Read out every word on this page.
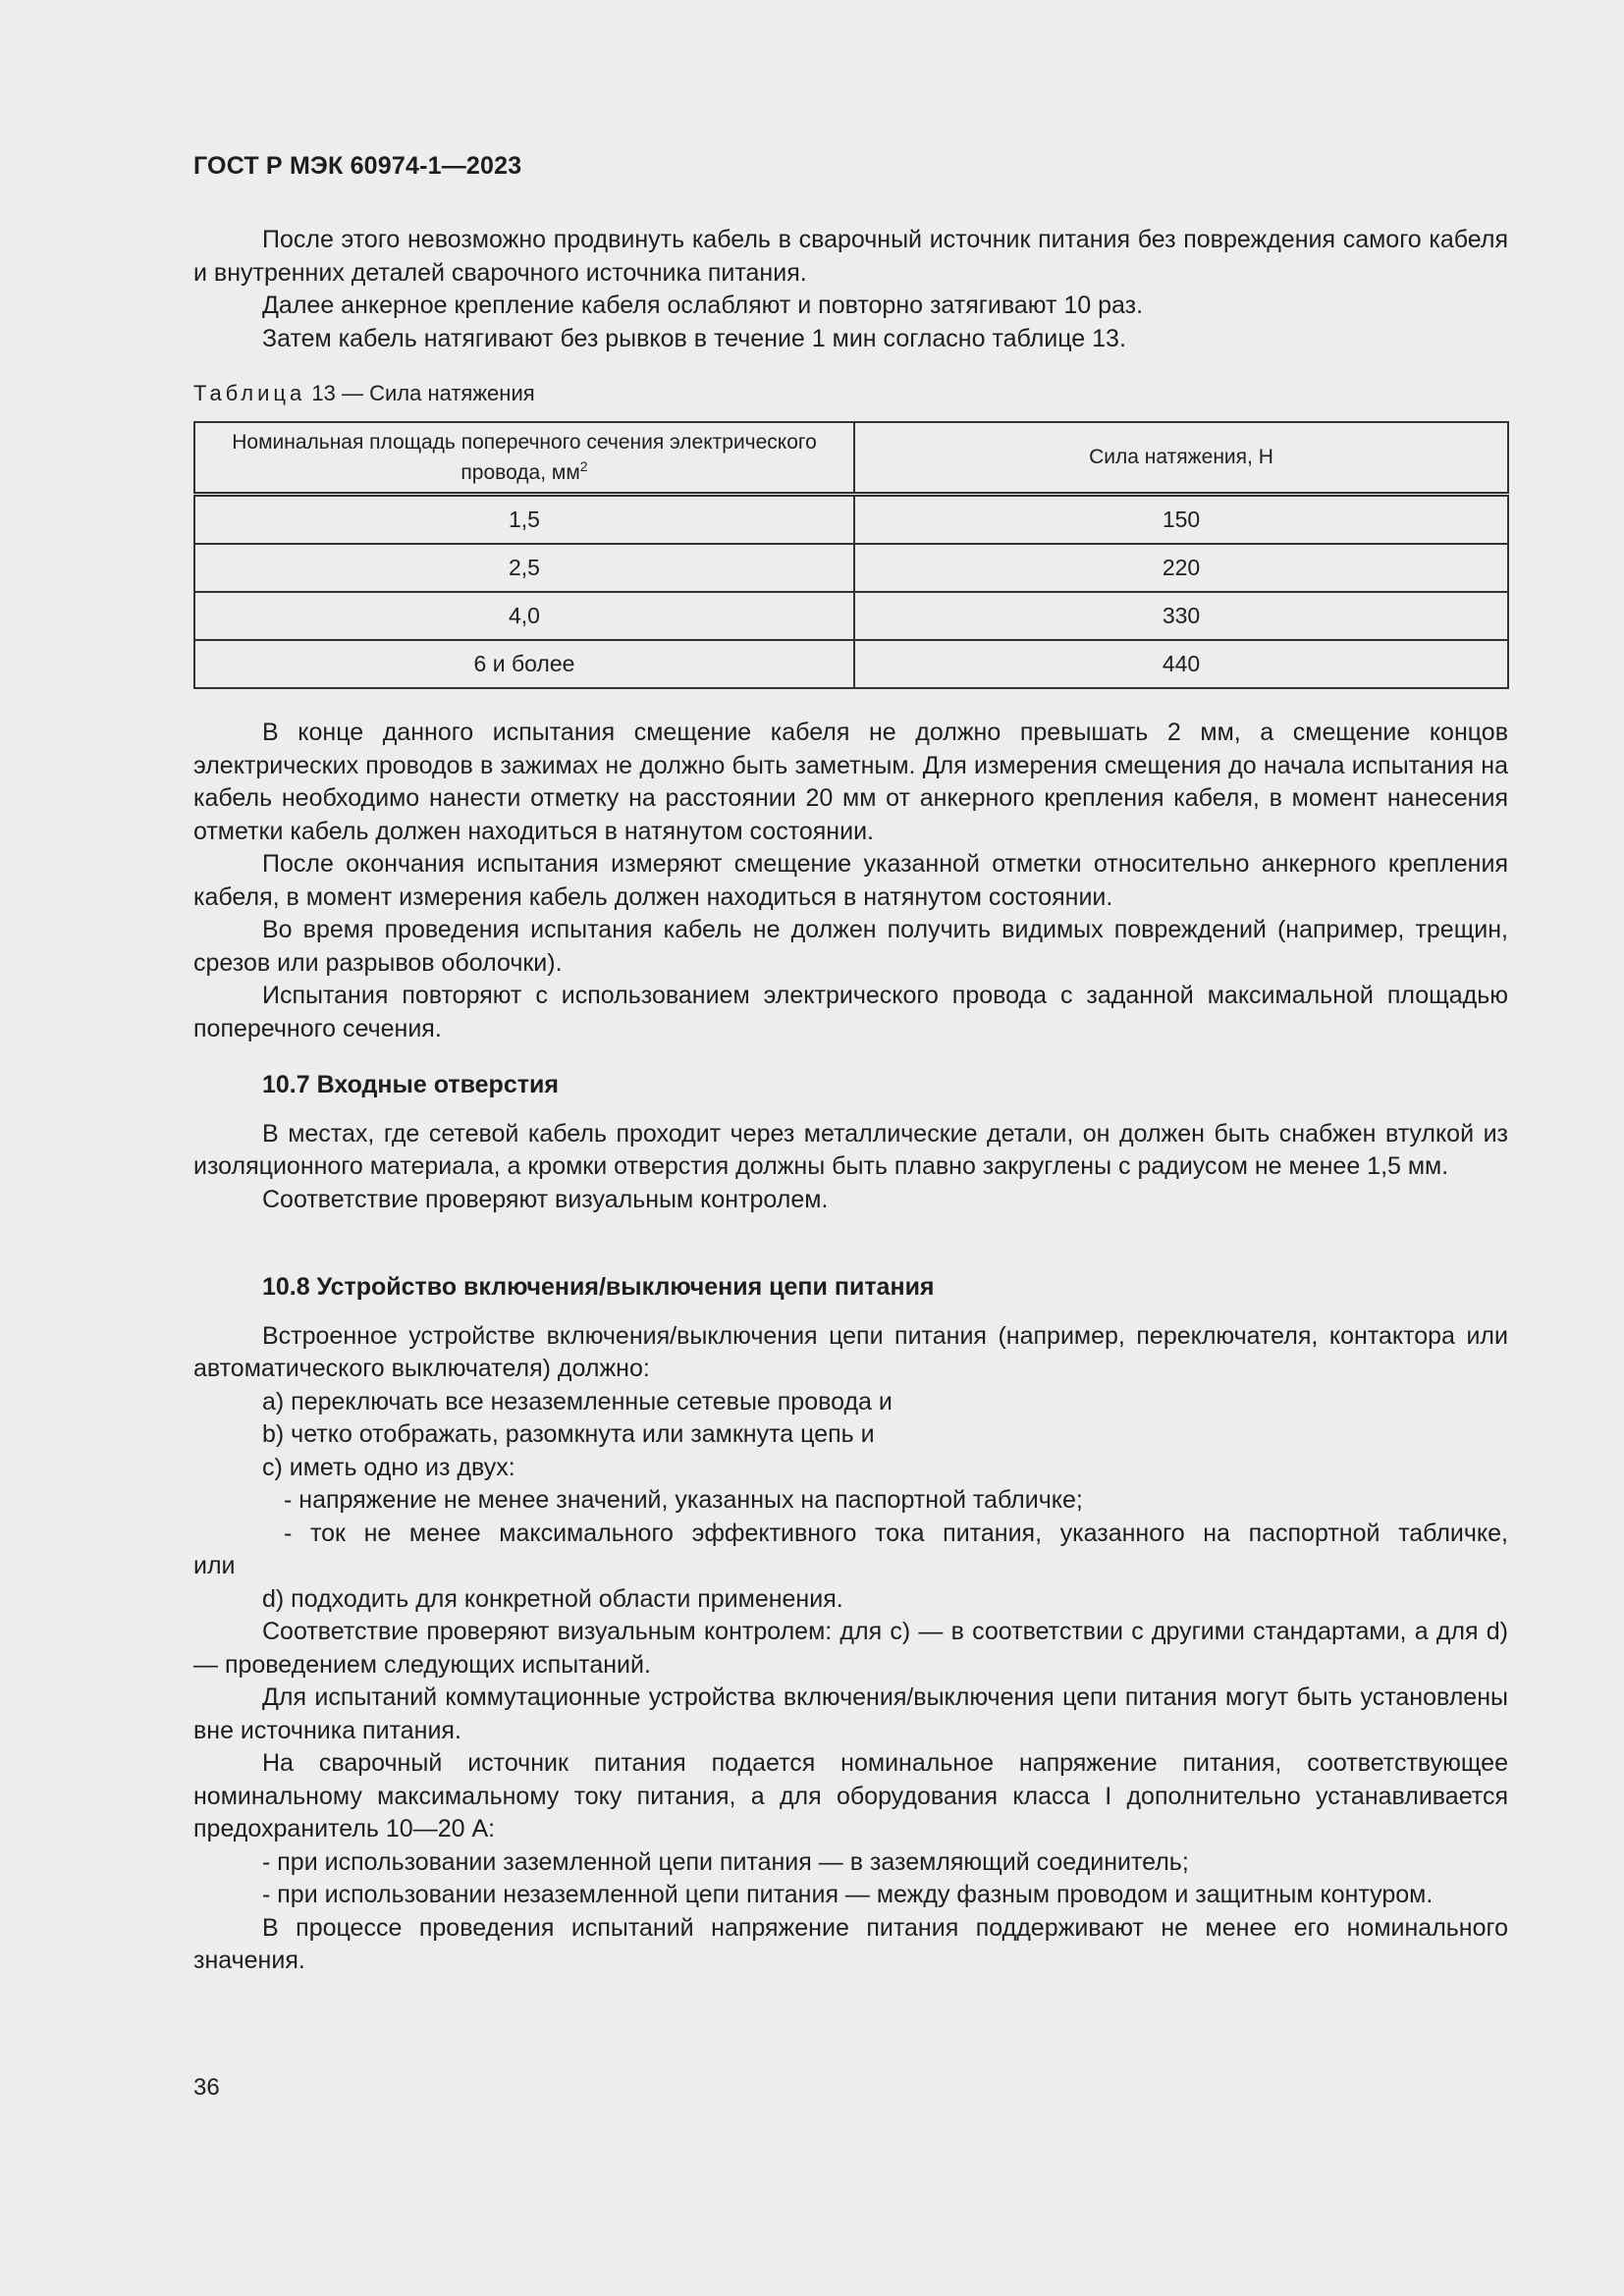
ГОСТ Р МЭК 60974-1—2023

После этого невозможно продвинуть кабель в сварочный источник питания без повреждения самого кабеля и внутренних деталей сварочного источника питания.

Далее анкерное крепление кабеля ослабляют и повторно затягивают 10 раз.

Затем кабель натягивают без рывков в течение 1 мин согласно таблице 13.

Таблица 13 — Сила натяжения
Номинальная площадь поперечного сечения электрического провода, $мм^2$	Сила натяжения, Н
1,5	150
2,5	220
4,0	330
6 и более	440

В конце данного испытания смещение кабеля не должно превышать 2 мм, а смещение концов электрических проводов в зажимах не должно быть заметным. Для измерения смещения до начала испытания на кабель необходимо нанести отметку на расстоянии 20 мм от анкерного крепления кабеля, в момент нанесения отметки кабель должен находиться в натянутом состоянии.

После окончания испытания измеряют смещение указанной отметки относительно анкерного крепления кабеля, в момент измерения кабель должен находиться в натянутом состоянии.

Во время проведения испытания кабель не должен получить видимых повреждений (например, трещин, срезов или разрывов оболочки).

Испытания повторяют с использованием электрического провода с заданной максимальной площадью поперечного сечения.

10.7 Входные отверстия

В местах, где сетевой кабель проходит через металлические детали, он должен быть снабжен втулкой из изоляционного материала, а кромки отверстия должны быть плавно закруглены с радиусом не менее 1,5 мм.

Соответствие проверяют визуальным контролем.

10.8 Устройство включения/выключения цепи питания

Встроенное устройстве включения/выключения цепи питания (например, переключателя, контактора или автоматического выключателя) должно:

a) переключать все незаземленные сетевые провода и

b) четко отображать, разомкнута или замкнута цепь и

c) иметь одно из двух:

- напряжение не менее значений, указанных на паспортной табличке;

- ток не менее максимального эффективного тока питания, указанного на паспортной табличке,

или

d) подходить для конкретной области применения.

Соответствие проверяют визуальным контролем: для c) — в соответствии с другими стандартами, а для d) — проведением следующих испытаний.

Для испытаний коммутационные устройства включения/выключения цепи питания могут быть установлены вне источника питания.

На сварочный источник питания подается номинальное напряжение питания, соответствующее номинальному максимальному току питания, а для оборудования класса I дополнительно устанавливается предохранитель 10—20 А:

- при использовании заземленной цепи питания — в заземляющий соединитель;

- при использовании незаземленной цепи питания — между фазным проводом и защитным контуром.

В процессе проведения испытаний напряжение питания поддерживают не менее его номинального значения.

36
